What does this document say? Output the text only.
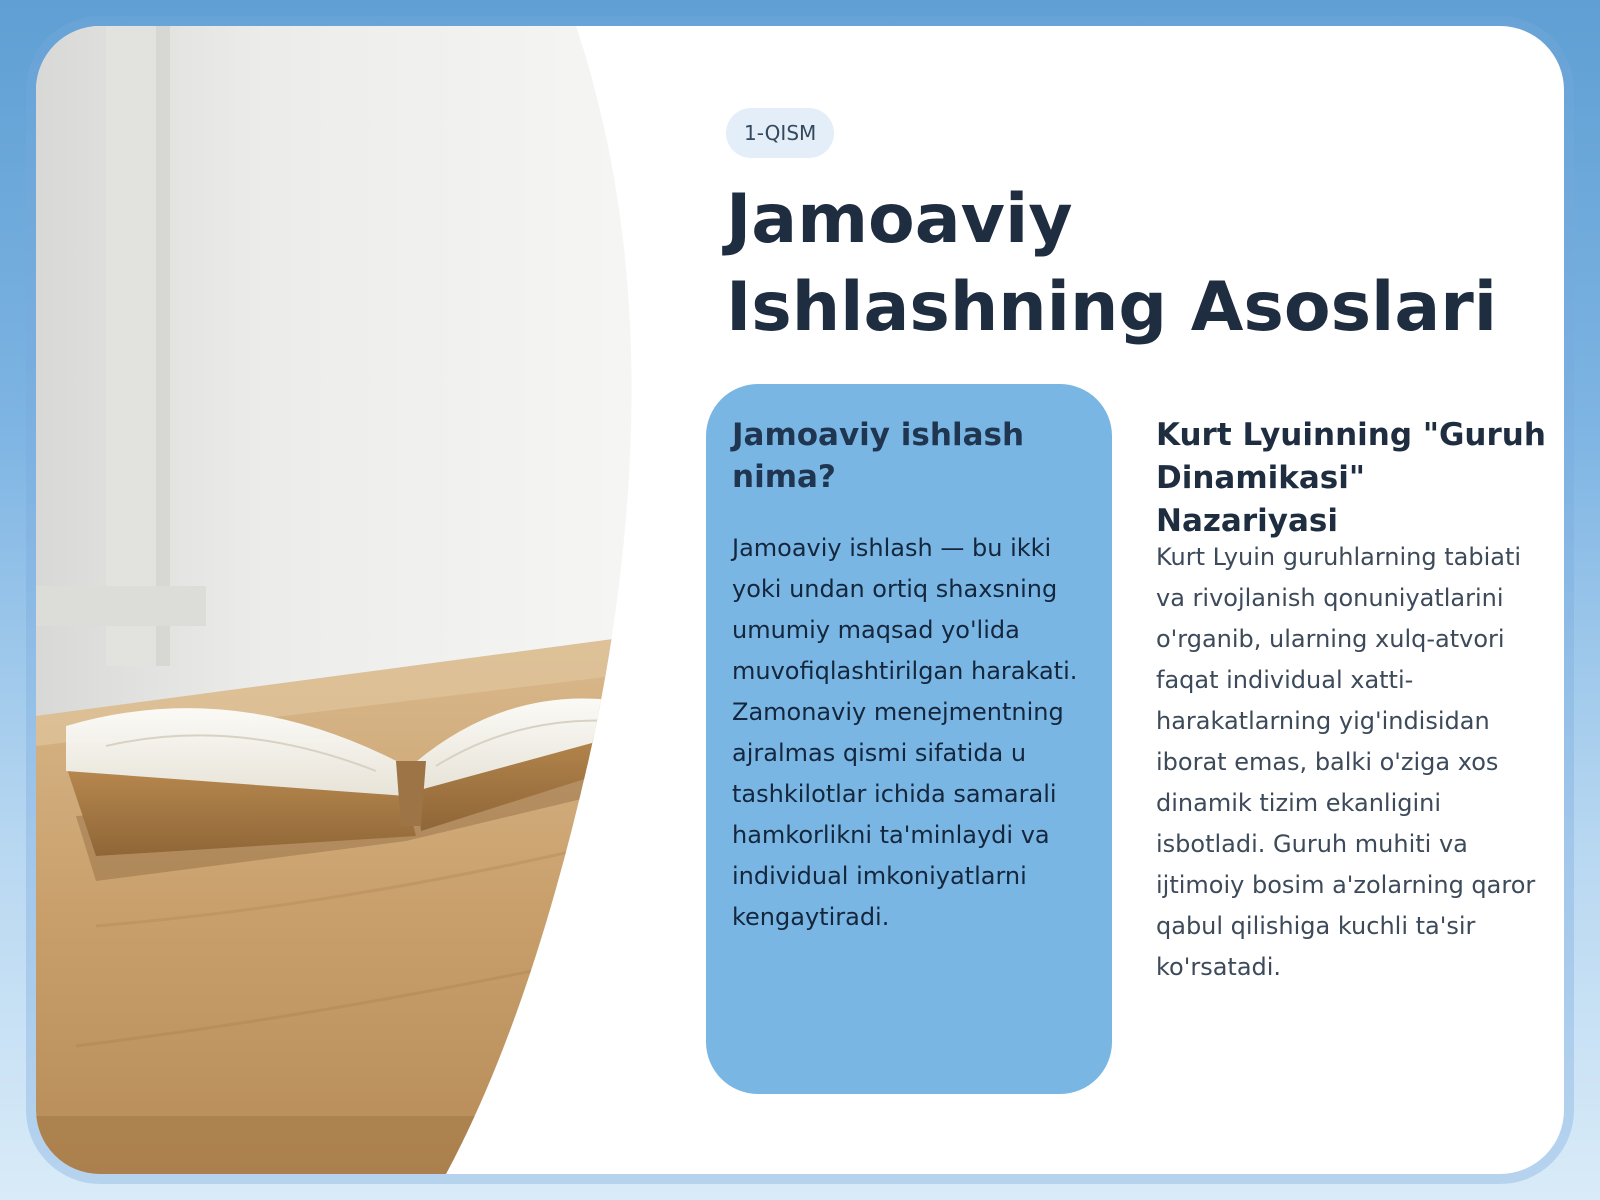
1-QISM
Jamoaviy Ishlashning Asoslari
Jamoaviy ishlash nima?

Jamoaviy ishlash — bu ikki yoki undan ortiq shaxsning umumiy maqsad yo'lida muvofiqlashtirilgan harakati. Zamonaviy menejmentning ajralmas qismi sifatida u tashkilotlar ichida samarali hamkorlikni ta'minlaydi va individual imkoniyatlarni kengaytiradi.

Kurt Lyuinning "Guruh Dinamikasi" Nazariyasi

Kurt Lyuin guruhlarning tabiati va rivojlanish qonuniyatlarini o'rganib, ularning xulq-atvori faqat individual xatti-harakatlarning yig'indisidan iborat emas, balki o'ziga xos dinamik tizim ekanligini isbotladi. Guruh muhiti va ijtimoiy bosim a'zolarning qaror qabul qilishiga kuchli ta'sir ko'rsatadi.
